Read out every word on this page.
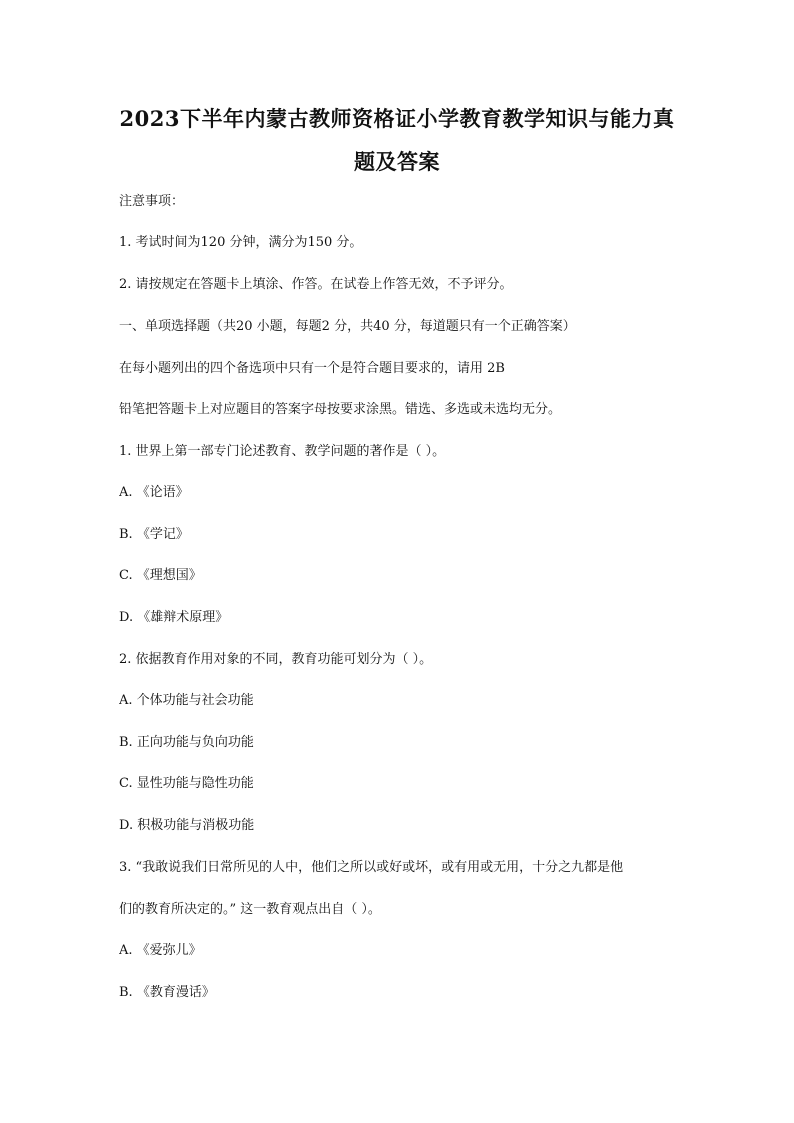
2023下半年内蒙古教师资格证小学教育教学知识与能力真
题及答案
注意事项：
1. 考试时间为120 分钟，满分为150 分。
2. 请按规定在答题卡上填涂、作答。在试卷上作答无效，不予评分。
一、单项选择题（共20 小题，每题2 分，共40 分，每道题只有一个正确答案）
在每小题列出的四个备选项中只有一个是符合题目要求的，请用 2B
铅笔把答题卡上对应题目的答案字母按要求涂黑。错选、多选或未选均无分。
1. 世界上第一部专门论述教育、教学问题的著作是（ ）。
A. 《论语》
B. 《学记》
C. 《理想国》
D. 《雄辩术原理》
2. 依据教育作用对象的不同，教育功能可划分为（ ）。
A. 个体功能与社会功能
B. 正向功能与负向功能
C. 显性功能与隐性功能
D. 积极功能与消极功能
3. “我敢说我们日常所见的人中，他们之所以或好或坏，或有用或无用，十分之九都是他
们的教育所决定的。” 这一教育观点出自（ ）。
A. 《爱弥儿》
B. 《教育漫话》
